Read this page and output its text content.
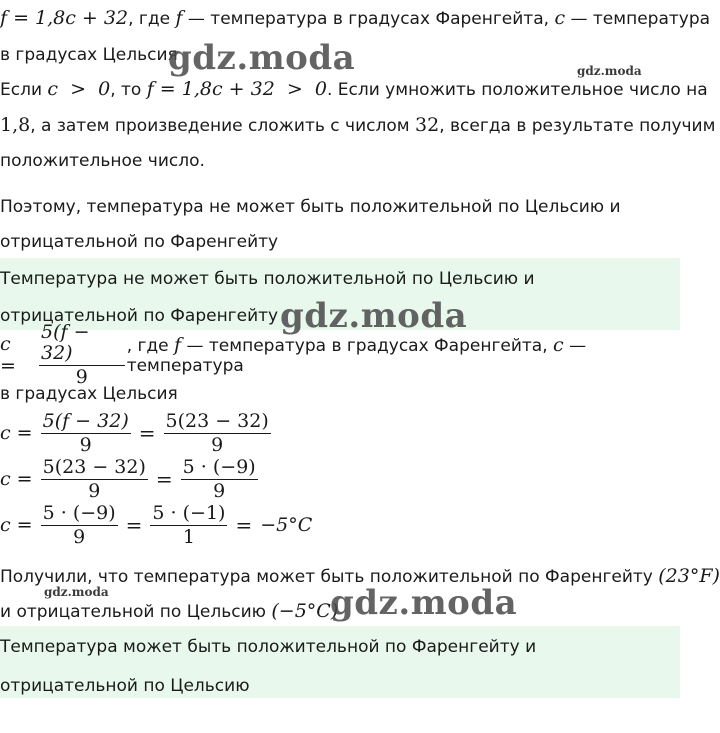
f = 1,8c + 32, где f — температура в градусах Фаренгейта, c — температура
в градусах Цельсия
gdz.moda	gdz.moda
Если c  >  0, то f = 1,8c + 32  >  0. Если умножить положительное число на
1,8, а затем произведение сложить с числом 32, всегда в результате получим
положительное число.
Поэтому, температура не может быть положительной по Цельсию и
отрицательной по Фаренгейту
Температура не может быть положительной по Цельсию и
отрицательной по Фаренгейту gdz.moda
c =	$\frac{5(f - 32)}{9}$ , где f — температура в градусах Фаренгейта, c — температура
в градусах Цельсия
$c = \frac{5(f - 32)}{9} = \frac{5(23 - 32)}{9}$
$c = \frac{5(23 - 32)}{9} = \frac{5 \cdot (-9)}{9}$
$c = \frac{5 \cdot (-9)}{9} = \frac{5 \cdot (-1)}{1} = -5^\circ C$
Получили, что температура может быть положительной по Фаренгейту (23°F)
gdz.moda
и отрицательной по Цельсию (−5°C)
gdz.moda
Температура может быть положительной по Фаренгейту и
отрицательной по Цельсию
